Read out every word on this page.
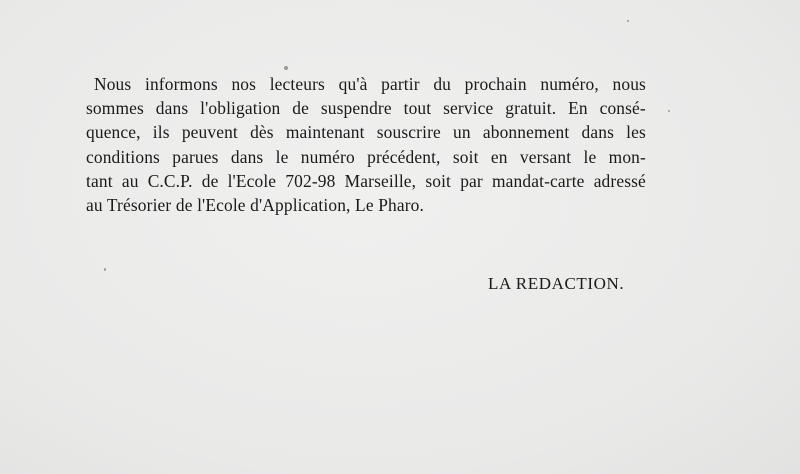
Nous informons nos lecteurs qu'à partir du prochain numéro, nous
sommes dans l'obligation de suspendre tout service gratuit. En consé-
quence, ils peuvent dès maintenant souscrire un abonnement dans les
conditions parues dans le numéro précédent, soit en versant le mon-
tant au C.C.P. de l'Ecole 702-98 Marseille, soit par mandat-carte adressé
au Trésorier de l'Ecole d'Application, Le Pharo.
LA REDACTION.
